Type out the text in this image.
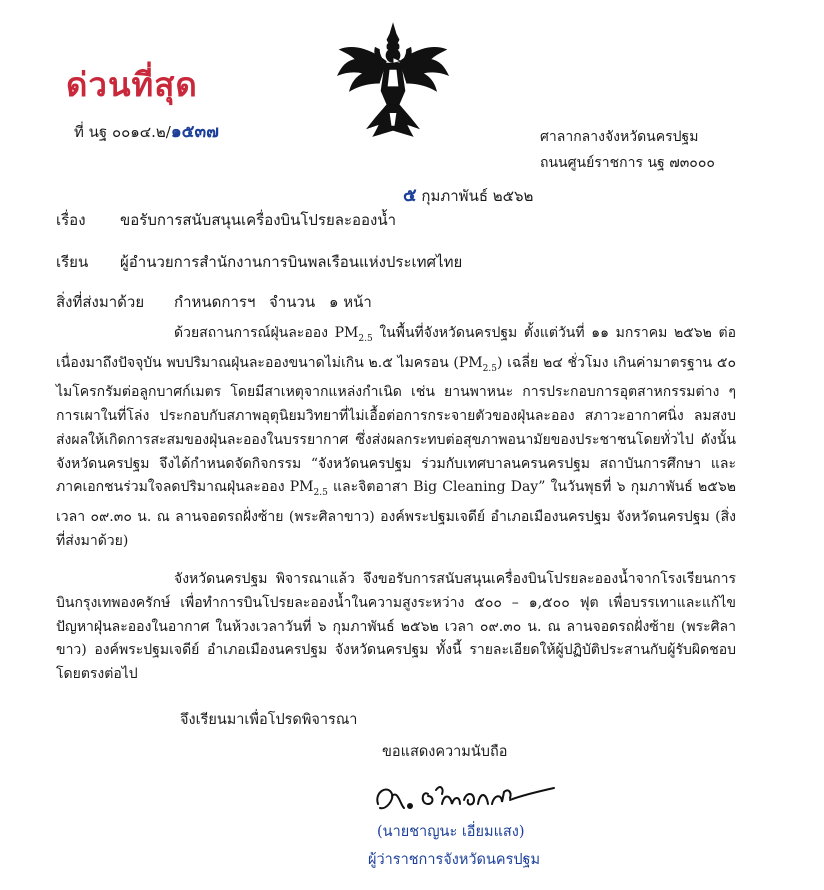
ด่วนที่สุด
ที่ นฐ ๐๐๑๔.๒/๑๕๓๗	ศาลากลางจังหวัดนครปฐม
ถนนศูนย์ราชการ นฐ ๗๓๐๐๐
๕ กุมภาพันธ์ ๒๕๖๒
เรื่อง ขอรับการสนับสนุนเครื่องบินโปรยละอองน้ำ
เรียน ผู้อำนวยการสำนักงานการบินพลเรือนแห่งประเทศไทย
สิ่งที่ส่งมาด้วย กำหนดการฯ จำนวน ๑ หน้า

ด้วยสถานการณ์ฝุ่นละออง $PM_{2.5}$ ในพื้นที่จังหวัดนครปฐม ตั้งแต่วันที่ ๑๑ มกราคม ๒๕๖๒ ต่อเนื่องมาถึงปัจจุบัน พบปริมาณฝุ่นละอองขนาดไม่เกิน ๒.๕ ไมครอน $(PM_{2.5})$ เฉลี่ย ๒๔ ชั่วโมง เกินค่ามาตรฐาน ๕๐ ไมโครกรัมต่อลูกบาศก์เมตร โดยมีสาเหตุจากแหล่งกำเนิด เช่น ยานพาหนะ การประกอบการอุตสาหกรรมต่าง ๆ การเผาในที่โล่ง ประกอบกับสภาพอุตุนิยมวิทยาที่ไม่เอื้อต่อการกระจายตัวของฝุ่นละออง สภาวะอากาศนิ่ง ลมสงบ ส่งผลให้เกิดการสะสมของฝุ่นละอองในบรรยากาศ ซึ่งส่งผลกระทบต่อสุขภาพอนามัยของประชาชนโดยทั่วไป ดังนั้น จังหวัดนครปฐม จึงได้กำหนดจัดกิจกรรม “จังหวัดนครปฐม ร่วมกับเทศบาลนครนครปฐม สถาบันการศึกษา และภาคเอกชนร่วมใจลดปริมาณฝุ่นละออง $PM_{2.5}$ และจิตอาสา Big Cleaning Day” ในวันพุธที่ ๖ กุมภาพันธ์ ๒๕๖๒ เวลา ๐๙.๓๐ น. ณ ลานจอดรถฝั่งซ้าย (พระศิลาขาว) องค์พระปฐมเจดีย์ อำเภอเมืองนครปฐม จังหวัดนครปฐม (สิ่งที่ส่งมาด้วย)

จังหวัดนครปฐม พิจารณาแล้ว จึงขอรับการสนับสนุนเครื่องบินโปรยละอองน้ำจากโรงเรียนการบินกรุงเทพองครักษ์ เพื่อทำการบินโปรยละอองน้ำในความสูงระหว่าง ๕๐๐ – ๑,๕๐๐ ฟุต เพื่อบรรเทาและแก้ไขปัญหาฝุ่นละอองในอากาศ ในห้วงเวลาวันที่ ๖ กุมภาพันธ์ ๒๕๖๒ เวลา ๐๙.๓๐ น. ณ ลานจอดรถฝั่งซ้าย (พระศิลาขาว) องค์พระปฐมเจดีย์ อำเภอเมืองนครปฐม จังหวัดนครปฐม ทั้งนี้ รายละเอียดให้ผู้ปฏิบัติประสานกับผู้รับผิดชอบโดยตรงต่อไป

จึงเรียนมาเพื่อโปรดพิจารณา
ขอแสดงความนับถือ
(นายชาญนะ เอี่ยมแสง)
ผู้ว่าราชการจังหวัดนครปฐม
